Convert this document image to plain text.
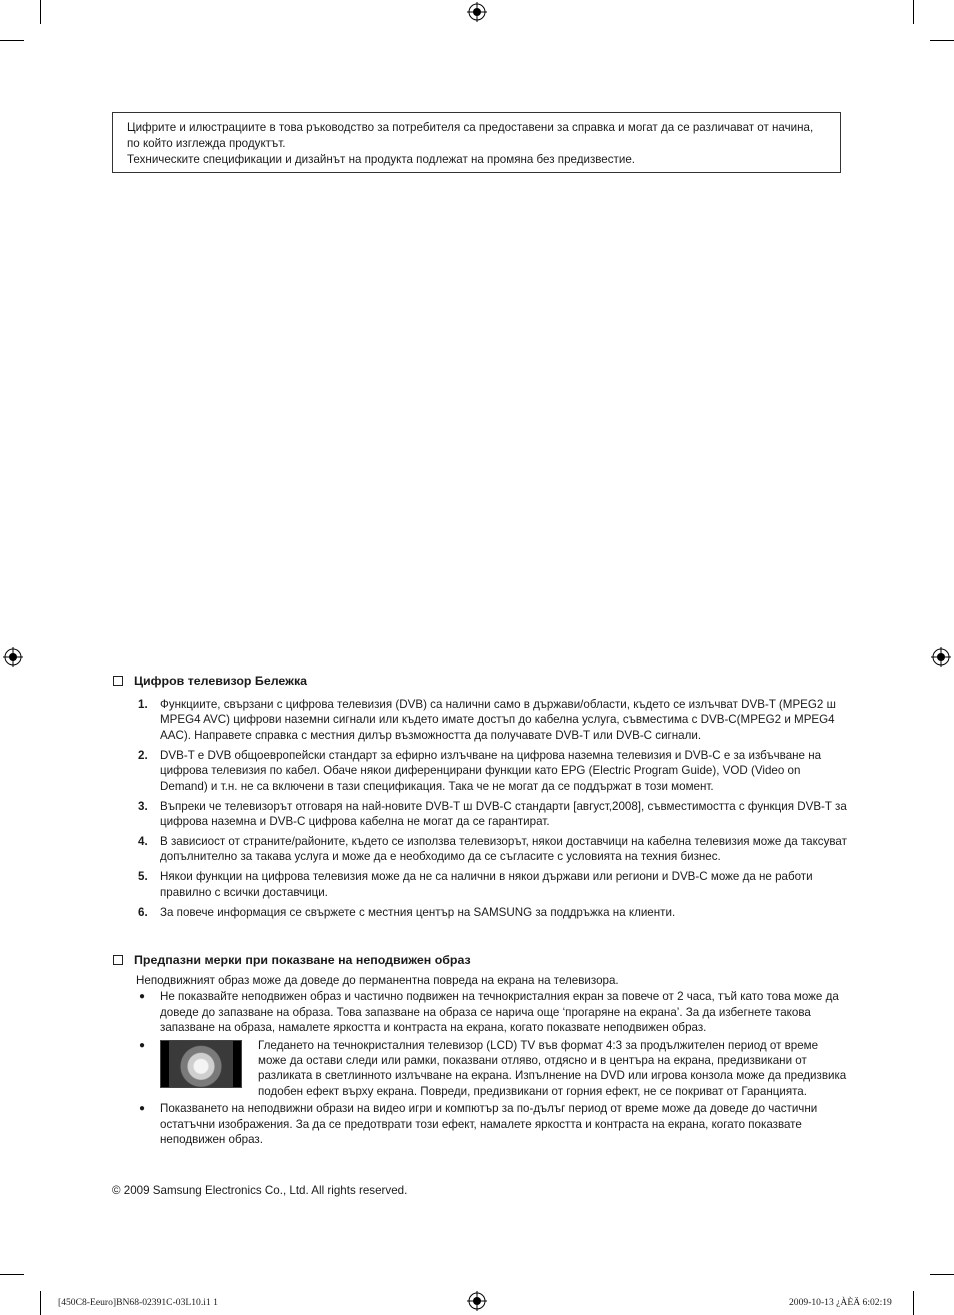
Цифрите и илюстрациите в това ръководство за потребителя са предоставени за справка и могат да се различават от начина, по който изглежда продуктът.

Техническите спецификации и дизайнът на продукта подлежат на промяна без предизвестие.

Цифров телевизор Бележка
1. Функциите, свързани с цифрова телевизия (DVB) са налични само в държави/области, където се излъчват DVB-T (MPEG2 ш MPEG4 AVC) цифрови наземни сигнали или където имате достъп до кабелна услуга, съвместима с DVB-C(MPEG2 и MPEG4 AAC). Направете справка с местния дилър възможността да получавате DVB-T или DVB-C сигнали.
2. DVB-T е DVB общоевропейски стандарт за ефирно излъчване на цифрова наземна телевизия и DVB-C е за избъчване на цифрова телевизия по кабел. Обаче някои диференцирани функции като EPG (Electric Program Guide), VOD (Video on Demand) и т.н. не са включени в тази спецификация. Така че не могат да се поддържат в този момент.
3. Въпреки че телевизорът отговаря на най-новите DVB-T ш DVB-C стандарти [август,2008], съвместимостта с функция DVB-T за цифрова наземна и DVB-C цифрова кабелна не могат да се гарантират.
4. В зависиост от страните/районите, където се използва телевизорът, някои доставчици на кабелна телевизия може да таксуват допълнително за такава услуга и може да е необходимо да се съгласите с условията на техния бизнес.
5. Някои функции на цифрова телевизия може да не са налични в някои държави или региони и DVB-C може да не работи правилно с всички доставчици.
6. За повече информация се свържете с местния център на SAMSUNG за поддръжка на клиенти.
Предпазни мерки при показване на неподвижен образ
Неподвижният образ може да доведе до перманентна повреда на екрана на телевизора.
● Не показвайте неподвижен образ и частично подвижен на течнокристалния екран за повече от 2 часа, тъй като това може да доведе до запазване на образа. Това запазване на образа се нарича още ‘прогаряне на екрана’. За да избегнете такова запазване на образа, намалете яркостта и контраста на екрана, когато показвате неподвижен образ.
●	Гледането на течнокристалния телевизор (LCD) TV във формат 4:3 за продължителен период от време може да остави следи или рамки, показвани отляво, отдясно и в центъра на екрана, предизвикани от разликата в светлинното излъчване на екрана. Изпълнение на DVD или игрова конзола може да предизвика подобен ефект върху екрана. Повреди, предизвикани от горния ефект, не се покриват от Гаранцията.
● Показването на неподвижни образи на видео игри и компютър за по-дълъг период от време може да доведе до частични остатъчни изображения. За да се предотврати този ефект, намалете яркостта и контраста на екрана, когато показвате неподвижен образ.
© 2009 Samsung Electronics Co., Ltd. All rights reserved.
[450C8-Eeuro]BN68-02391C-03L10.i1 1	2009-10-13 ¿ÀÈÄ 6:02:19
